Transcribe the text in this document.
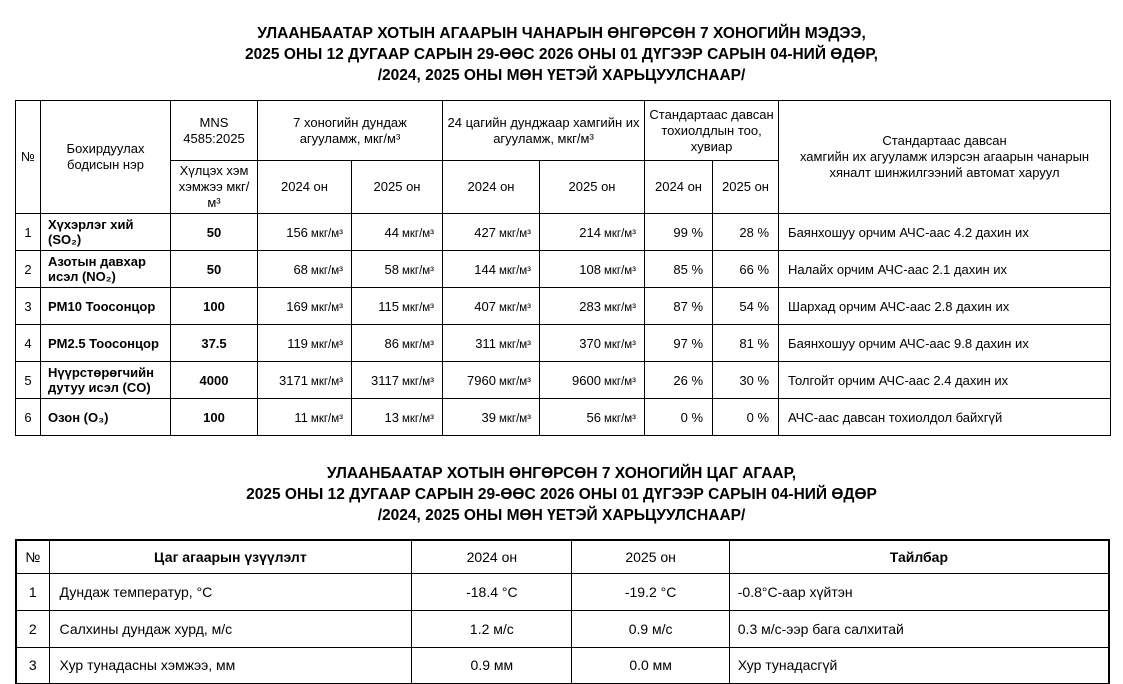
УЛААНБААТАР ХОТЫН АГААРЫН ЧАНАРЫН ӨНГӨРСӨН 7 ХОНОГИЙН МЭДЭЭ,
2025 ОНЫ 12 ДУГААР САРЫН 29-ӨӨС 2026 ОНЫ 01 ДҮГЭЭР САРЫН 04-НИЙ ӨДӨР,
/2024, 2025 ОНЫ МӨН ҮЕТЭЙ ХАРЬЦУУЛСНААР/
№	Бохирдуулах бодисын нэр	MNS 4585:2025	7 хоногийн дундаж агууламж, мкг/м³		24 цагийн дунджаар хамгийн их агууламж, мкг/м³		Стандартаас давсан тохиолдлын тоо, хувиар		Стандартаас давсан
хамгийн их агууламж илэрсэн агаарын чанарын хяналт шинжилгээний автомат харуул

		Хүлцэх хэм хэмжээ мкг/м³	2024 он	2025 он	2024 он	2025 он	2024 он	2025 он	
1	Хүхэрлэг хий (SO₂)	50	156 мкг/м³	44 мкг/м³	427 мкг/м³	214 мкг/м³	99 %	28 %	Баянхошуу орчим АЧС-аас 4.2 дахин их
2	Азотын давхар исэл (NO₂)	50	68 мкг/м³	58 мкг/м³	144 мкг/м³	108 мкг/м³	85 %	66 %	Налайх орчим АЧС-аас 2.1 дахин их
3	PM10 Тоосонцор	100	169 мкг/м³	115 мкг/м³	407 мкг/м³	283 мкг/м³	87 %	54 %	Шархад орчим АЧС-аас 2.8 дахин их
4	PM2.5 Тоосонцор	37.5	119 мкг/м³	86 мкг/м³	311 мкг/м³	370 мкг/м³	97 %	81 %	Баянхошуу орчим АЧС-аас 9.8 дахин их
5	Нүүрстөрөгчийн дутуу исэл (CO)	4000	3171 мкг/м³	3117 мкг/м³	7960 мкг/м³	9600 мкг/м³	26 %	30 %	Толгойт орчим АЧС-аас 2.4 дахин их
6	Озон (O₃)	100	11 мкг/м³	13 мкг/м³	39 мкг/м³	56 мкг/м³	0 %	0 %	АЧС-аас давсан тохиолдол байхгүй
УЛААНБААТАР ХОТЫН ӨНГӨРСӨН 7 ХОНОГИЙН ЦАГ АГААР,
2025 ОНЫ 12 ДУГААР САРЫН 29-ӨӨС 2026 ОНЫ 01 ДҮГЭЭР САРЫН 04-НИЙ ӨДӨР
/2024, 2025 ОНЫ МӨН ҮЕТЭЙ ХАРЬЦУУЛСНААР/
№	Цаг агаарын үзүүлэлт	2024 он	2025 он	Тайлбар
1	Дундаж температур, °С	-18.4 °С	-19.2 °С	-0.8°С-аар хүйтэн
2	Салхины дундаж хурд, м/с	1.2 м/с	0.9 м/с	0.3 м/с-ээр бага салхитай
3	Хур тунадасны хэмжээ, мм	0.9 мм	0.0 мм	Хур тунадасгүй
